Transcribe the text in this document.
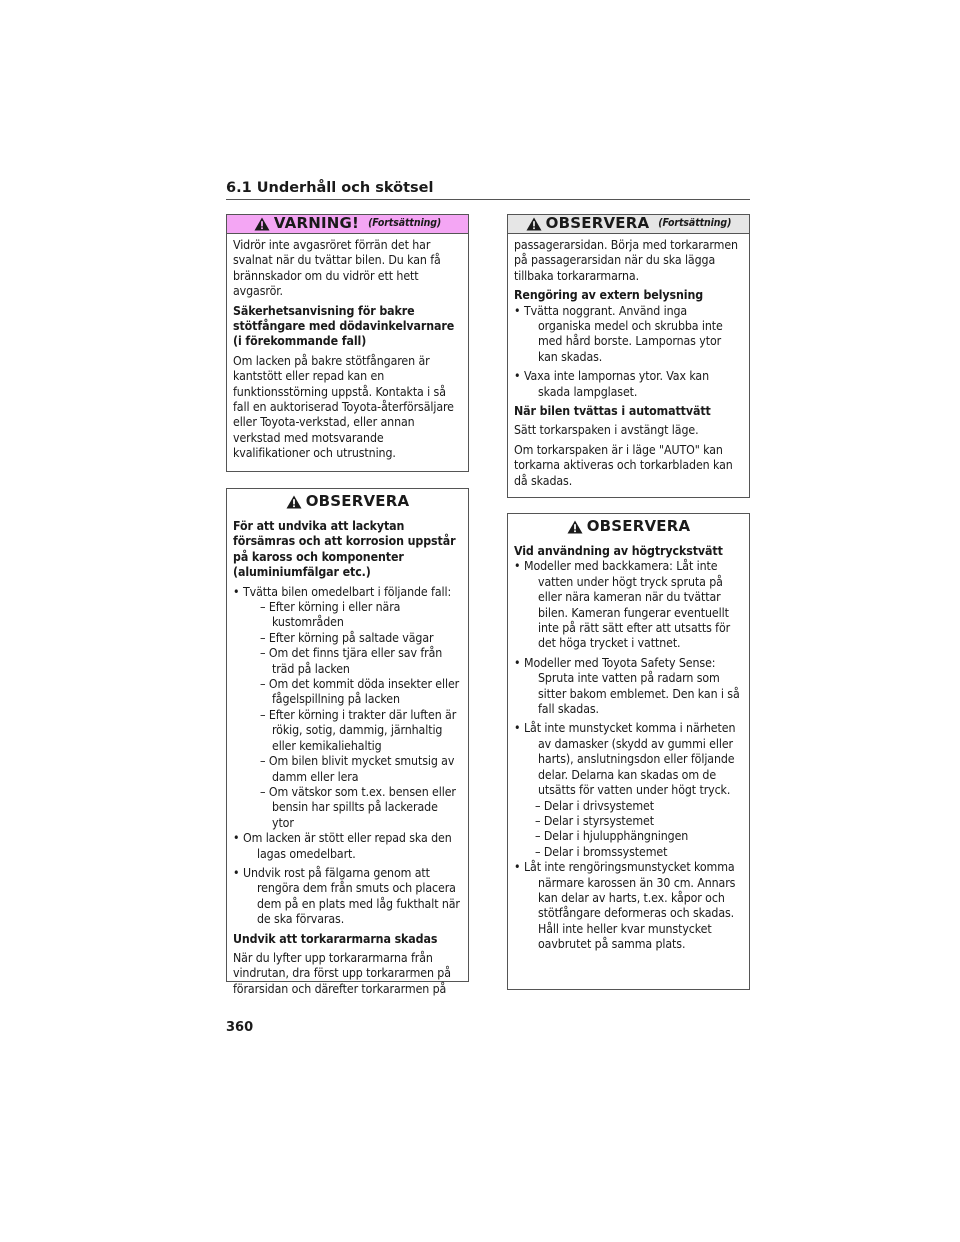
6.1 Underhåll och skötsel
VARNING! (Fortsättning)

Vidrör inte avgasröret förrän det har svalnat när du tvättar bilen. Du kan få brännskador om du vidrör ett hett avgasrör.

Säkerhetsanvisning för bakre stötfångare med dödavinkelvarnare (i förekommande fall)

Om lacken på bakre stötfångaren är kantstött eller repad kan en funktionsstörning uppstå. Kontakta i så fall en auktoriserad Toyota-återförsäljare eller Toyota-verkstad, eller annan verkstad med motsvarande kvalifikationer och utrustning.

OBSERVERA

För att undvika att lackytan försämras och att korrosion uppstår på kaross och komponenter (aluminiumfälgar etc.)

• Tvätta bilen omedelbart i följande fall:
– Efter körning i eller nära kustområden
– Efter körning på saltade vägar
– Om det finns tjära eller sav från träd på lacken
– Om det kommit döda insekter eller fågelspillning på lacken
– Efter körning i trakter där luften är rökig, sotig, dammig, järnhaltig eller kemikaliehaltig
– Om bilen blivit mycket smutsig av damm eller lera
– Om vätskor som t.ex. bensen eller bensin har spillts på lackerade ytor
• Om lacken är stött eller repad ska den lagas omedelbart.
• Undvik rost på fälgarna genom att rengöra dem från smuts och placera dem på en plats med låg fukthalt när de ska förvaras.

Undvik att torkararmarna skadas

När du lyfter upp torkararmarna från vindrutan, dra först upp torkararmen på förarsidan och därefter torkararmen på

OBSERVERA (Fortsättning)

passagerarsidan. Börja med torkararmen på passagerarsidan när du ska lägga tillbaka torkararmarna.

Rengöring av extern belysning

• Tvätta noggrant. Använd inga organiska medel och skrubba inte med hård borste. Lampornas ytor kan skadas.
• Vaxa inte lampornas ytor. Vax kan skada lampglaset.

När bilen tvättas i automattvätt

Sätt torkarspaken i avstängt läge.

Om torkarspaken är i läge "AUTO" kan torkarna aktiveras och torkarbladen kan då skadas.

OBSERVERA

Vid användning av högtryckstvätt

• Modeller med backkamera: Låt inte vatten under högt tryck spruta på eller nära kameran när du tvättar bilen. Kameran fungerar eventuellt inte på rätt sätt efter att utsatts för det höga trycket i vattnet.
• Modeller med Toyota Safety Sense: Spruta inte vatten på radarn som sitter bakom emblemet. Den kan i så fall skadas.
• Låt inte munstycket komma i närheten av damasker (skydd av gummi eller harts), anslutningsdon eller följande delar. Delarna kan skadas om de utsätts för vatten under högt tryck.
– Delar i drivsystemet
– Delar i styrsystemet
– Delar i hjulupphängningen
– Delar i bromssystemet
• Låt inte rengöringsmunstycket komma närmare karossen än 30 cm. Annars kan delar av harts, t.ex. kåpor och stötfångare deformeras och skadas. Håll inte heller kvar munstycket oavbrutet på samma plats.
360
